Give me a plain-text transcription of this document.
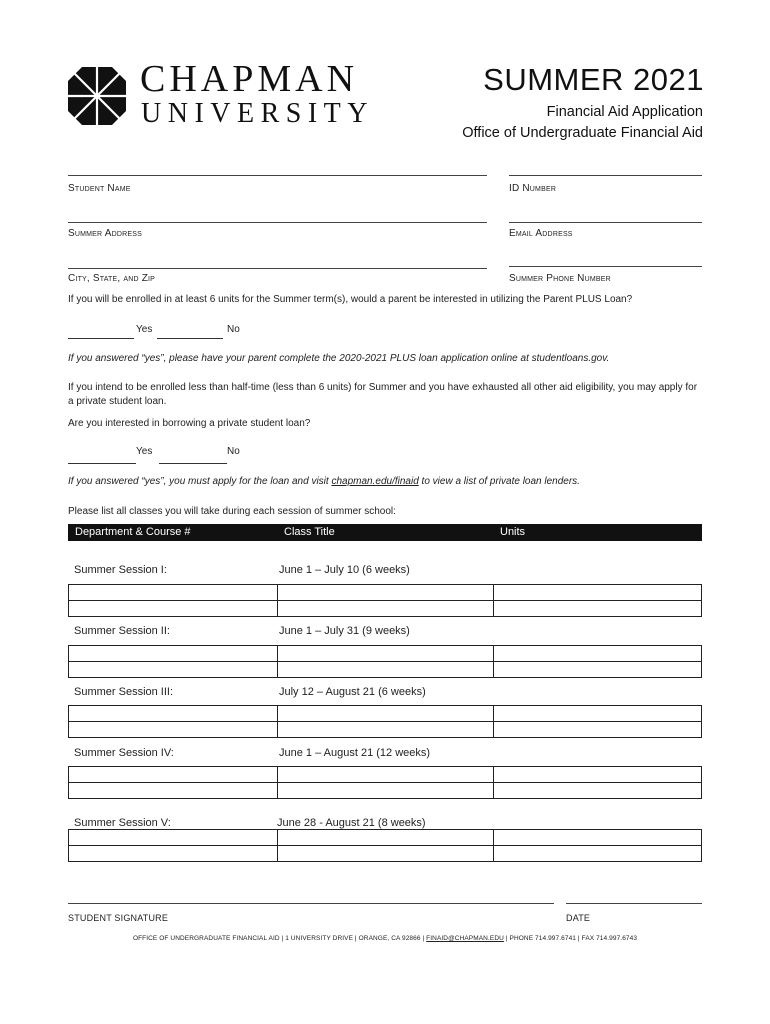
CHAPMAN
UNIVERSITY
SUMMER 2021
Financial Aid Application
Office of Undergraduate Financial Aid
Student Name	ID Number
Summer Address	Email Address
City, State, and Zip	Summer Phone Number
If you will be enrolled in at least 6 units for the Summer term(s), would a parent be interested in utilizing the Parent PLUS Loan?
Yes	No
If you answered “yes”, please have your parent complete the 2020-2021 PLUS loan application online at studentloans.gov.
If you intend to be enrolled less than half-time (less than 6 units) for Summer and you have exhausted all other aid eligibility, you may apply for a private student loan.
Are you interested in borrowing a private student loan?
Yes	No
If you answered “yes”, you must apply for the loan and visit chapman.edu/finaid to view a list of private loan lenders.
Please list all classes you will take during each session of summer school:
Department & Course #	Class Title	Units
Summer Session I:	June 1 – July 10 (6 weeks)

Summer Session II:	June 1 – July 31 (9 weeks)

Summer Session III:	July 12 – August 21 (6 weeks)

Summer Session IV:	June 1 – August 21 (12 weeks)

Summer Session V:	June 28 - August 21 (8 weeks)

STUDENT SIGNATURE	DATE
OFFICE OF UNDERGRADUATE FINANCIAL AID | 1 UNIVERSITY DRIVE | ORANGE, CA 92866 | FINAID@CHAPMAN.EDU | PHONE 714.997.6741 | FAX 714.997.6743
